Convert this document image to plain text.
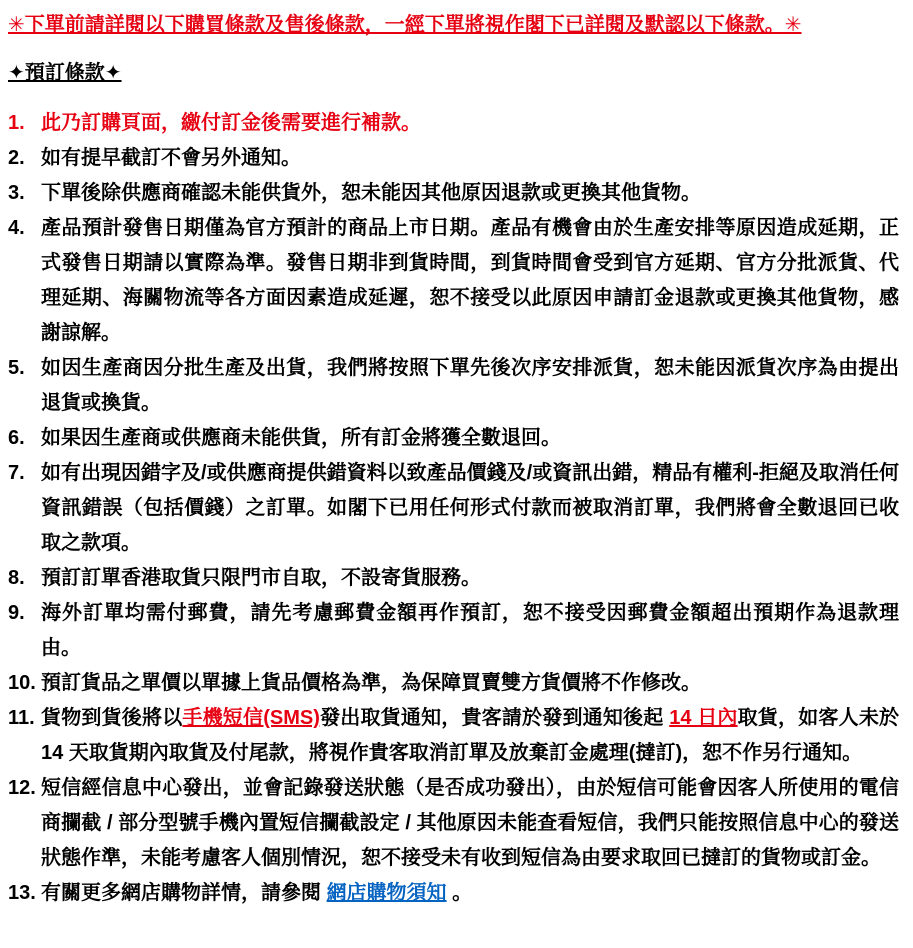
✳下單前請詳閱以下購買條款及售後條款，一經下單將視作閣下已詳閱及默認以下條款。✳
✦預訂條款✦
1. 此乃訂購頁面，繳付訂金後需要進行補款。
2. 如有提早截訂不會另外通知。
3. 下單後除供應商確認未能供貨外，恕未能因其他原因退款或更換其他貨物。
4. 產品預計發售日期僅為官方預計的商品上市日期。產品有機會由於生產安排等原因造成延期，正式發售日期請以實際為準。發售日期非到貨時間，到貨時間會受到官方延期、官方分批派貨、代理延期、海關物流等各方面因素造成延遲，恕不接受以此原因申請訂金退款或更換其他貨物，感謝諒解。
5. 如因生產商因分批生產及出貨，我們將按照下單先後次序安排派貨，恕未能因派貨次序為由提出退貨或換貨。
6. 如果因生產商或供應商未能供貨，所有訂金將獲全數退回。
7. 如有出現因錯字及/或供應商提供錯資料以致產品價錢及/或資訊出錯，精品有權利-拒絕及取消任何資訊錯誤（包括價錢）之訂單。如閣下已用任何形式付款而被取消訂單，我們將會全數退回已收取之款項。
8. 預訂訂單香港取貨只限門市自取，不設寄貨服務。
9. 海外訂單均需付郵費，請先考慮郵費金額再作預訂，恕不接受因郵費金額超出預期作為退款理由。
10. 預訂貨品之單價以單據上貨品價格為準，為保障買賣雙方貨價將不作修改。
11. 貨物到貨後將以手機短信(SMS)發出取貨通知，貴客請於發到通知後起 14 日內取貨，如客人未於 14 天取貨期內取貨及付尾款，將視作貴客取消訂單及放棄訂金處理(撻訂)，恕不作另行通知。
12. 短信經信息中心發出，並會記錄發送狀態（是否成功發出），由於短信可能會因客人所使用的電信商攔截 / 部分型號手機內置短信攔截設定 / 其他原因未能查看短信，我們只能按照信息中心的發送狀態作準，未能考慮客人個別情況，恕不接受未有收到短信為由要求取回已撻訂的貨物或訂金。
13. 有關更多網店購物詳情，請參閱 網店購物須知 。
